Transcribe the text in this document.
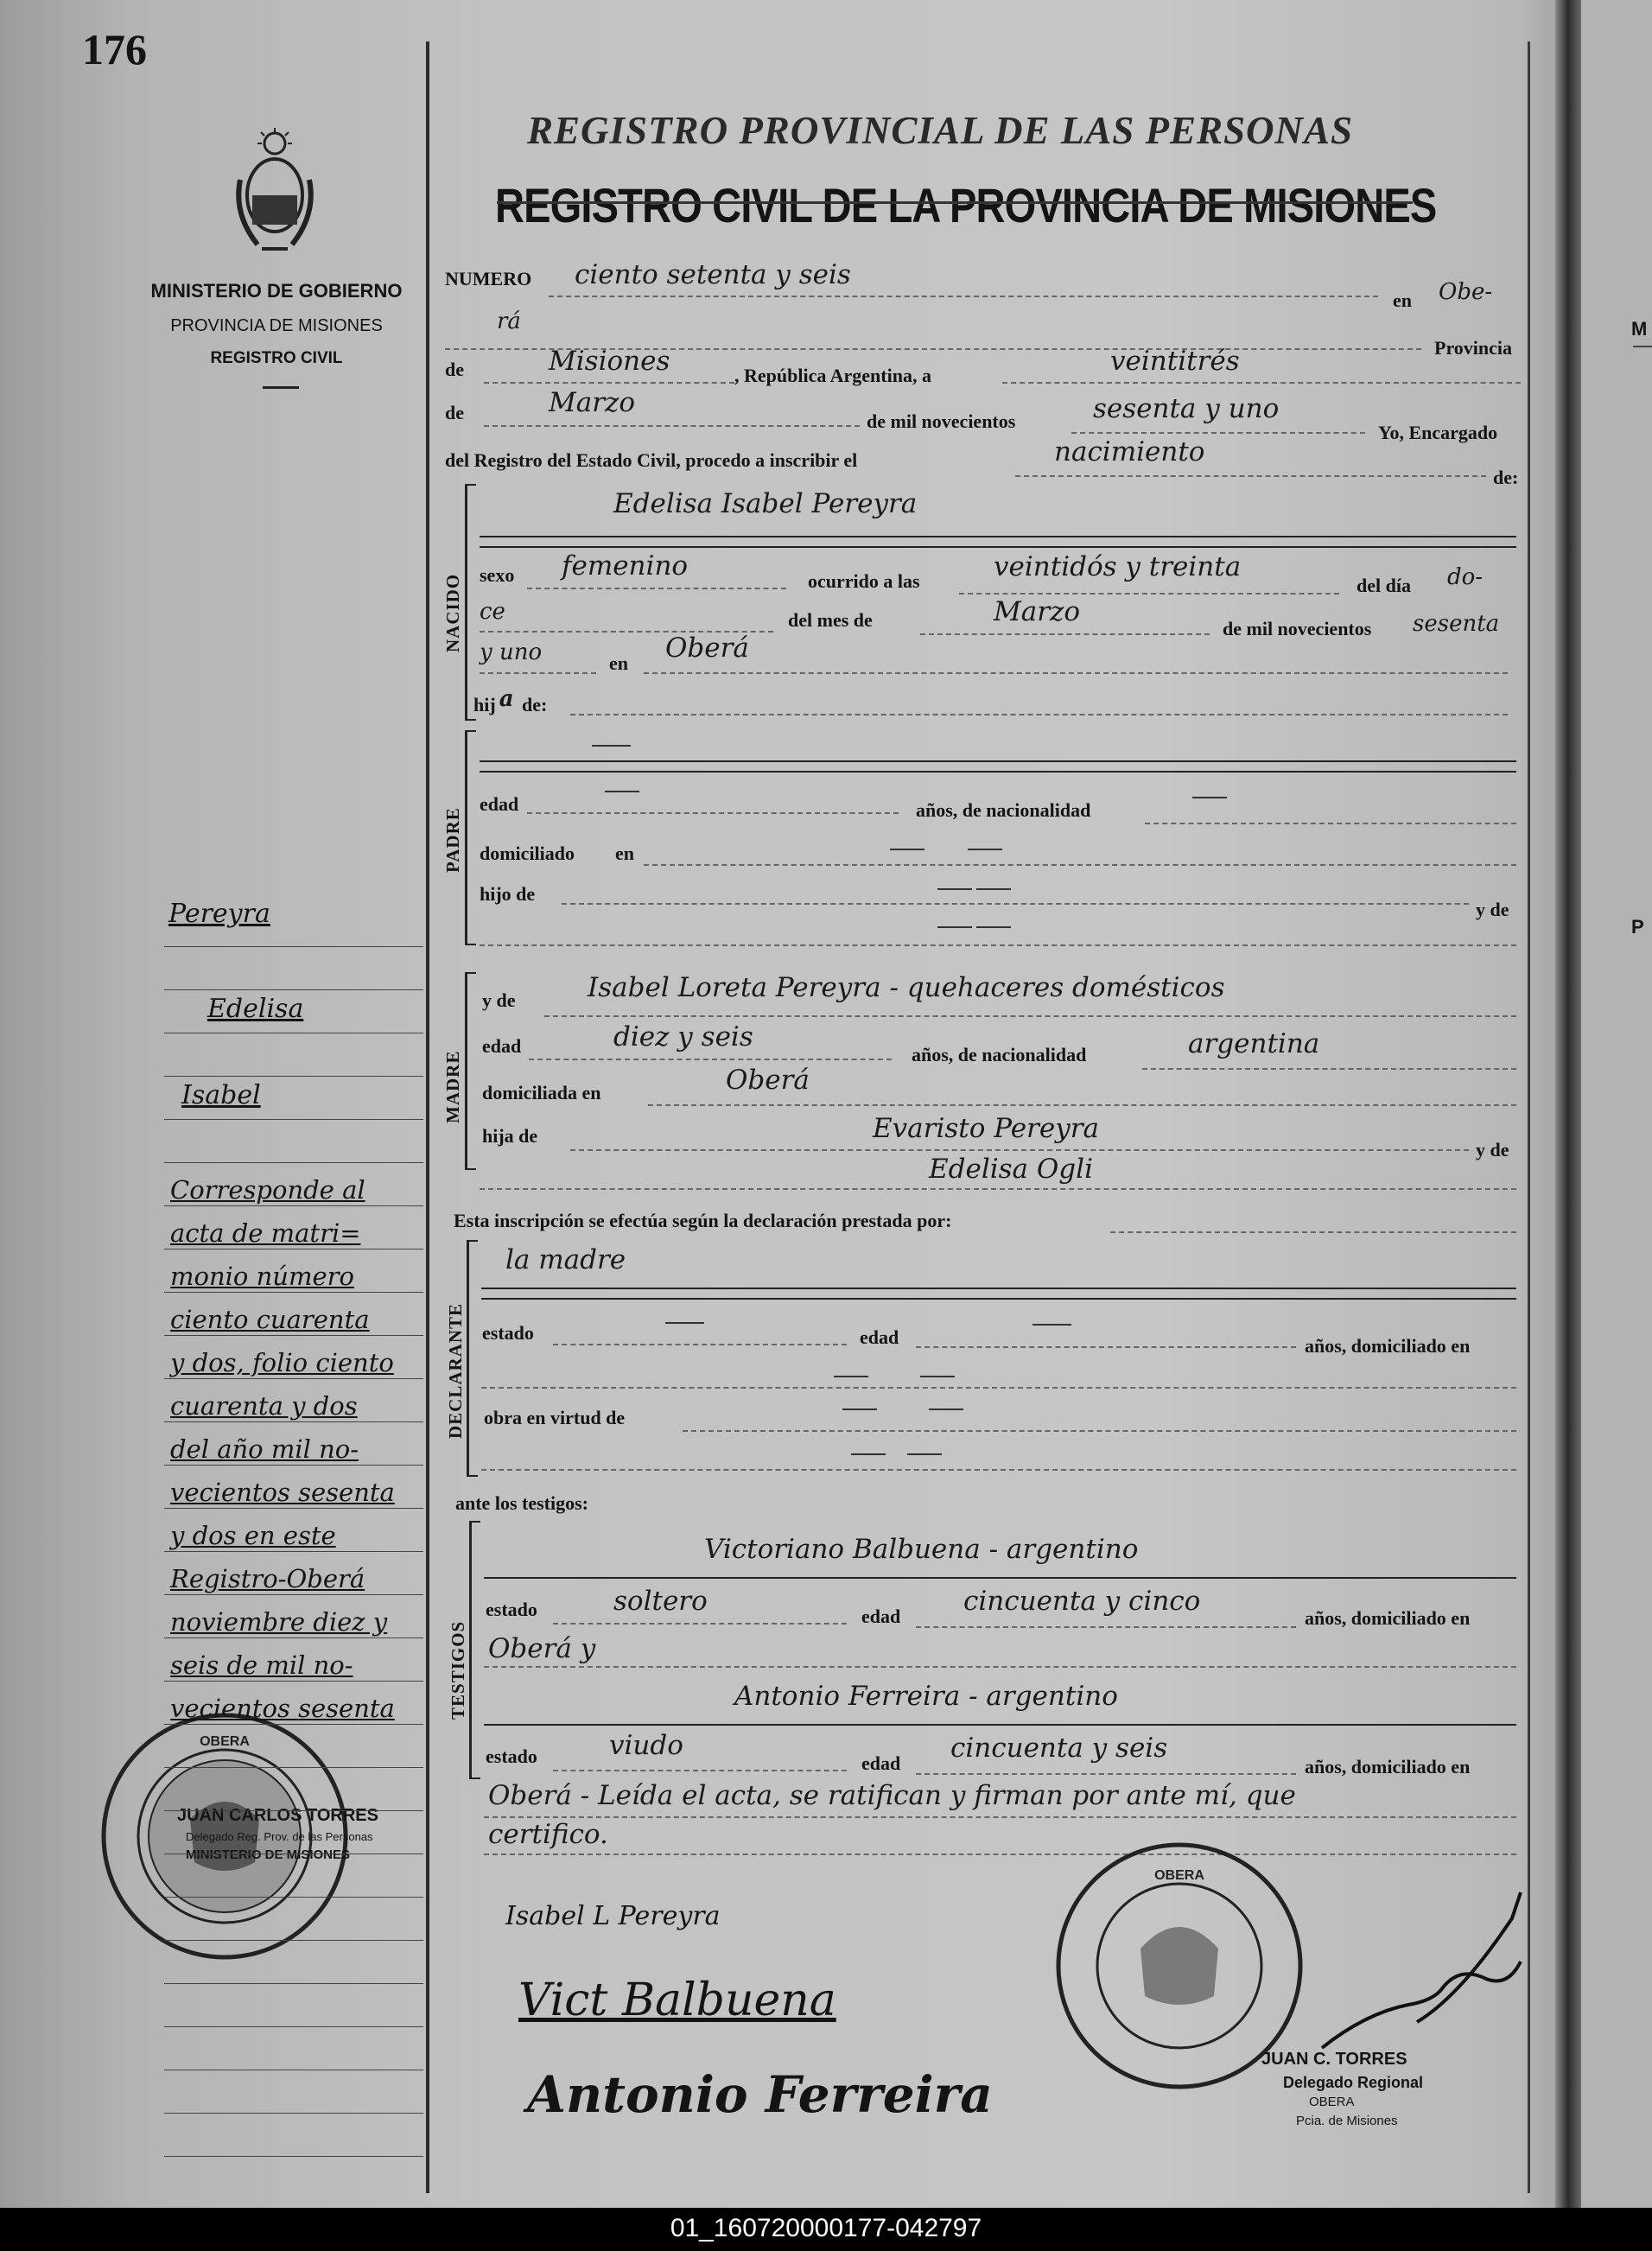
M
P
176
MINISTERIO DE GOBIERNO
PROVINCIA DE MISIONES
REGISTRO CIVIL
REGISTRO PROVINCIAL DE LAS PERSONAS
REGISTRO CIVIL DE LA PROVINCIA DE MISIONES
NUMERO ciento setenta y seis
en Obe-
rá
Provincia
de	Misiones	, República Argentina, a	veintitrés
de	Marzo
de mil novecientos	sesenta y uno
Yo, Encargado
del Registro del Estado Civil, procedo a inscribir el	nacimiento
de:
NACIDO
Edelisa Isabel Pereyra
sexo femenino	ocurrido a las	veintidós y treinta
del día do-
ce	del mes de	Marzo
de mil novecientos sesenta
y uno	en Oberá
hij a de:
PADRE
edad	años, de nacionalidad
domiciliado en
hijo de
y de
MADRE
y de	Isabel Loreta Pereyra - quehaceres domésticos
edad	diez y seis
años, de nacionalidad	argentina
domiciliada en	Oberá
hija de	Evaristo Pereyra
y de
Edelisa Ogli
Esta inscripción se efectúa según la declaración prestada por:
DECLARANTE
la madre
estado	edad	años, domiciliado en
obra en virtud de
ante los testigos:
TESTIGOS
Victoriano Balbuena - argentino
estado	soltero	edad cincuenta y cinco
años, domiciliado en
Oberá y
Antonio Ferreira - argentino
estado	viudo
edad cincuenta y seis
años, domiciliado en
Oberá - Leída el acta, se ratifican y firman por ante mí, que
certifico.
Isabel L Pereyra
Vict Balbuena
Antonio Ferreira
OBERA
JUAN CARLOS TORRES
Delegado Reg. Prov. de las Personas
MINISTERIO DE MISIONES
OBERA
JUAN C. TORRES
Delegado Regional
OBERA
Pcia. de Misiones
Pereyra
Edelisa
Isabel
Corresponde al
acta de matri=
monio número
ciento cuarenta
y dos, folio ciento
cuarenta y dos
del año mil no-
vecientos sesenta
y dos en este
Registro-Oberá
noviembre diez y
seis de mil no-
vecientos sesenta
01_160720000177-042797
